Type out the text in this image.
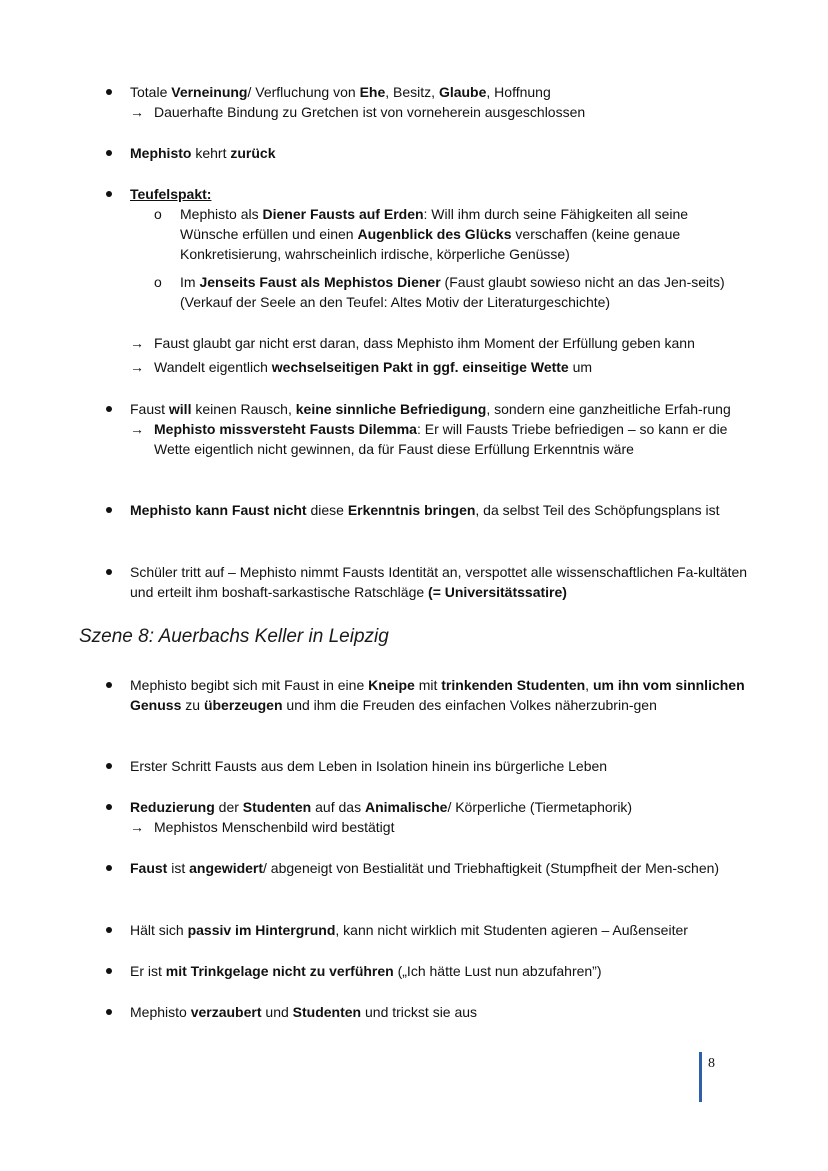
Totale Verneinung/ Verfluchung von Ehe, Besitz, Glaube, Hoffnung
→ Dauerhafte Bindung zu Gretchen ist von vorneherein ausgeschlossen
Mephisto kehrt zurück
Teufelspakt:
o Mephisto als Diener Fausts auf Erden: Will ihm durch seine Fähigkeiten all seine Wünsche erfüllen und einen Augenblick des Glücks verschaffen (keine genaue Konkretisierung, wahrscheinlich irdische, körperliche Genüsse)
o Im Jenseits Faust als Mephistos Diener (Faust glaubt sowieso nicht an das Jen-seits) (Verkauf der Seele an den Teufel: Altes Motiv der Literaturgeschichte)
→ Faust glaubt gar nicht erst daran, dass Mephisto ihm Moment der Erfüllung geben kann
→ Wandelt eigentlich wechselseitigen Pakt in ggf. einseitige Wette um
Faust will keinen Rausch, keine sinnliche Befriedigung, sondern eine ganzheitliche Erfah-rung
→ Mephisto missversteht Fausts Dilemma: Er will Fausts Triebe befriedigen – so kann er die Wette eigentlich nicht gewinnen, da für Faust diese Erfüllung Erkenntnis wäre
Mephisto kann Faust nicht diese Erkenntnis bringen, da selbst Teil des Schöpfungsplans ist
Schüler tritt auf – Mephisto nimmt Fausts Identität an, verspottet alle wissenschaftlichen Fa-kultäten und erteilt ihm boshaft-sarkastische Ratschläge (= Universitätssatire)
Szene 8: Auerbachs Keller in Leipzig
Mephisto begibt sich mit Faust in eine Kneipe mit trinkenden Studenten, um ihn vom sinnlichen Genuss zu überzeugen und ihm die Freuden des einfachen Volkes näherzubrin-gen
Erster Schritt Fausts aus dem Leben in Isolation hinein ins bürgerliche Leben
Reduzierung der Studenten auf das Animalische/ Körperliche (Tiermetaphorik)
→ Mephistos Menschenbild wird bestätigt
Faust ist angewidert/ abgeneigt von Bestialität und Triebhaftigkeit (Stumpfheit der Men-schen)
Hält sich passiv im Hintergrund, kann nicht wirklich mit Studenten agieren – Außenseiter
Er ist mit Trinkgelage nicht zu verführen („Ich hätte Lust nun abzufahren”)
Mephisto verzaubert und Studenten und trickst sie aus
8
